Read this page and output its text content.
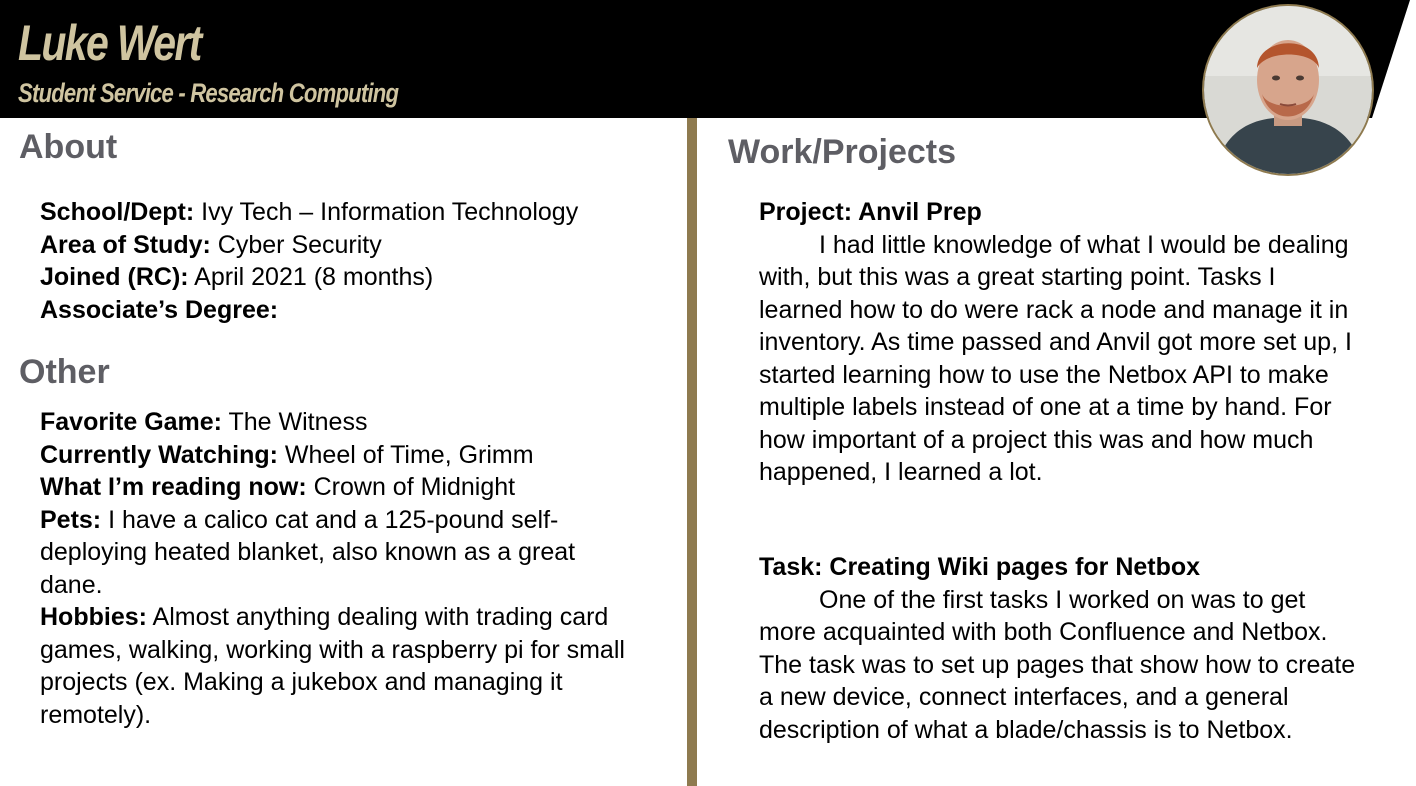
Luke Wert
Student Service - Research Computing
About
School/Dept: Ivy Tech – Information Technology
Area of Study: Cyber Security
Joined (RC): April 2021 (8 months)
Associate’s Degree:
Other
Favorite Game: The Witness
Currently Watching: Wheel of Time, Grimm
What I’m reading now: Crown of Midnight
Pets: I have a calico cat and a 125-pound self-deploying heated blanket, also known as a great dane.
Hobbies: Almost anything dealing with trading card games, walking, working with a raspberry pi for small projects (ex. Making a jukebox and managing it remotely).
Work/Projects
Project: Anvil Prep
I had little knowledge of what I would be dealing with, but this was a great starting point. Tasks I learned how to do were rack a node and manage it in inventory. As time passed and Anvil got more set up, I started learning how to use the Netbox API to make multiple labels instead of one at a time by hand. For how important of a project this was and how much happened, I learned a lot.
Task: Creating Wiki pages for Netbox
One of the first tasks I worked on was to get more acquainted with both Confluence and Netbox. The task was to set up pages that show how to create a new device, connect interfaces, and a general description of what a blade/chassis is to Netbox.
